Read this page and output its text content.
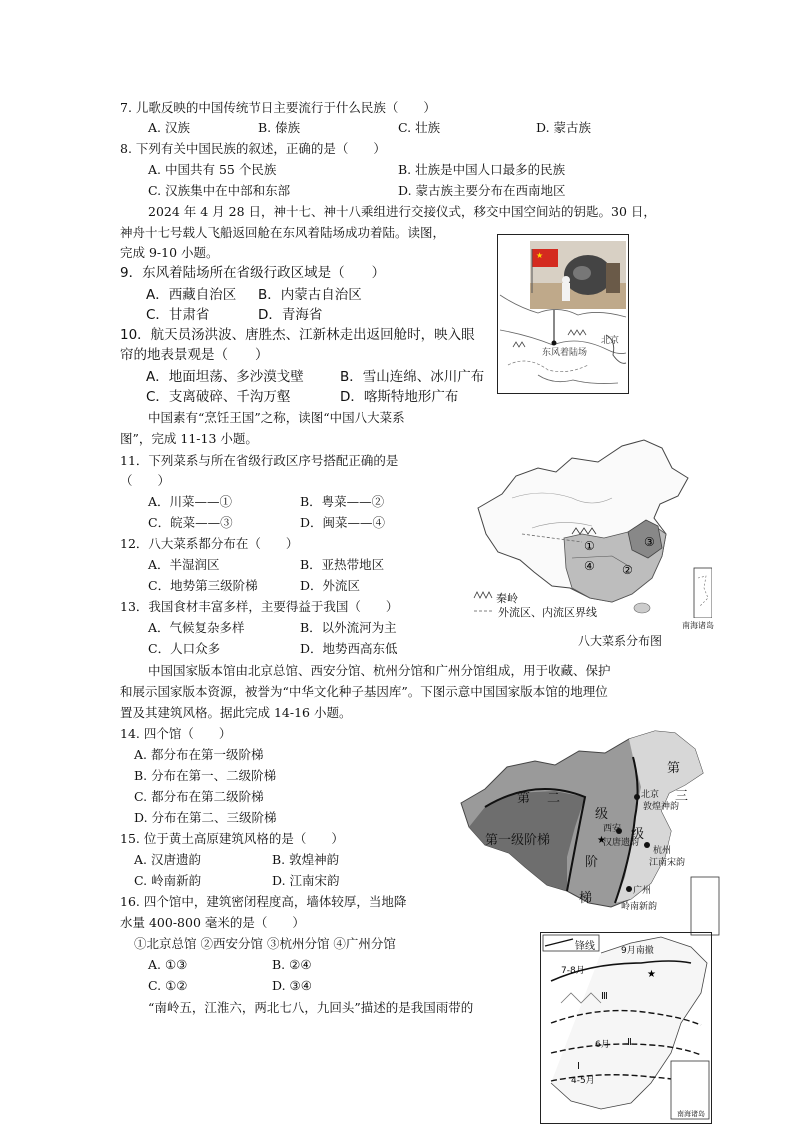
7. 儿歌反映的中国传统节日主要流行于什么民族（　　）
A. 汉族	B. 傣族	C. 壮族	D. 蒙古族
8. 下列有关中国民族的叙述，正确的是（　　）
A. 中国共有 55 个民族	B. 壮族是中国人口最多的民族
C. 汉族集中在中部和东部	D. 蒙古族主要分布在西南地区
2024 年 4 月 28 日，神十七、神十八乘组进行交接仪式，移交中国空间站的钥匙。30 日，
神舟十七号载人飞船返回舱在东风着陆场成功着陆。读图，
完成 9-10 小题。
9．东风着陆场所在省级行政区域是（　　）
A．西藏自治区 B．内蒙古自治区
C．甘肃省	D．青海省
10．航天员汤洪波、唐胜杰、江新林走出返回舱时，映入眼
帘的地表景观是（　　）
A．地面坦荡、多沙漠戈壁	B．雪山连绵、冰川广布
C．支离破碎、千沟万壑	D．喀斯特地形广布
中国素有“烹饪王国”之称，读图“中国八大菜系
图”，完成 11-13 小题。
11．下列菜系与所在省级行政区序号搭配正确的是
（　　）
A．川菜——①	B．粤菜——②
C．皖菜——③	D．闽菜——④
12．八大菜系都分布在（　　）
A．半湿润区	B．亚热带地区
C．地势第三级阶梯	D．外流区
13．我国食材丰富多样，主要得益于我国（　　）
A．气候复杂多样	B．以外流河为主
C．人口众多	D．地势西高东低
中国国家版本馆由北京总馆、西安分馆、杭州分馆和广州分馆组成，用于收藏、保护
和展示国家版本资源，被誉为“中华文化种子基因库”。下图示意中国国家版本馆的地理位
置及其建筑风格。据此完成 14-16 小题。
14. 四个馆（　　）
A. 都分布在第一级阶梯
B. 分布在第一、二级阶梯
C. 都分布在第二级阶梯
D. 分布在第二、三级阶梯
15. 位于黄土高原建筑风格的是（　　）
A. 汉唐遗韵	B. 敦煌神韵
C. 岭南新韵	D. 江南宋韵
16. 四个馆中，建筑密闭程度高，墙体较厚，当地降
水量 400-800 毫米的是（　　）
①北京总馆 ②西安分馆 ③杭州分馆 ④广州分馆
A. ①③	B. ②④
C. ①②	D. ③④
“南岭五，江淮六，两北七八，九回头”描述的是我国雨带的
★
东风着陆场
北京
①
②
③
④
秦岭
外流区、内流区界线
南海诸岛
八大菜系分布图
★
第一级阶梯
第 二
级
阶
梯
第
三
级
北京
敦煌神韵
西安
汉唐遗韵
杭州
江南宋韵
广州
岭南新韵
★
锋线	9月南撤
7-8月
Ⅲ
6月 Ⅱ
Ⅰ
4-5月
南海诸岛
